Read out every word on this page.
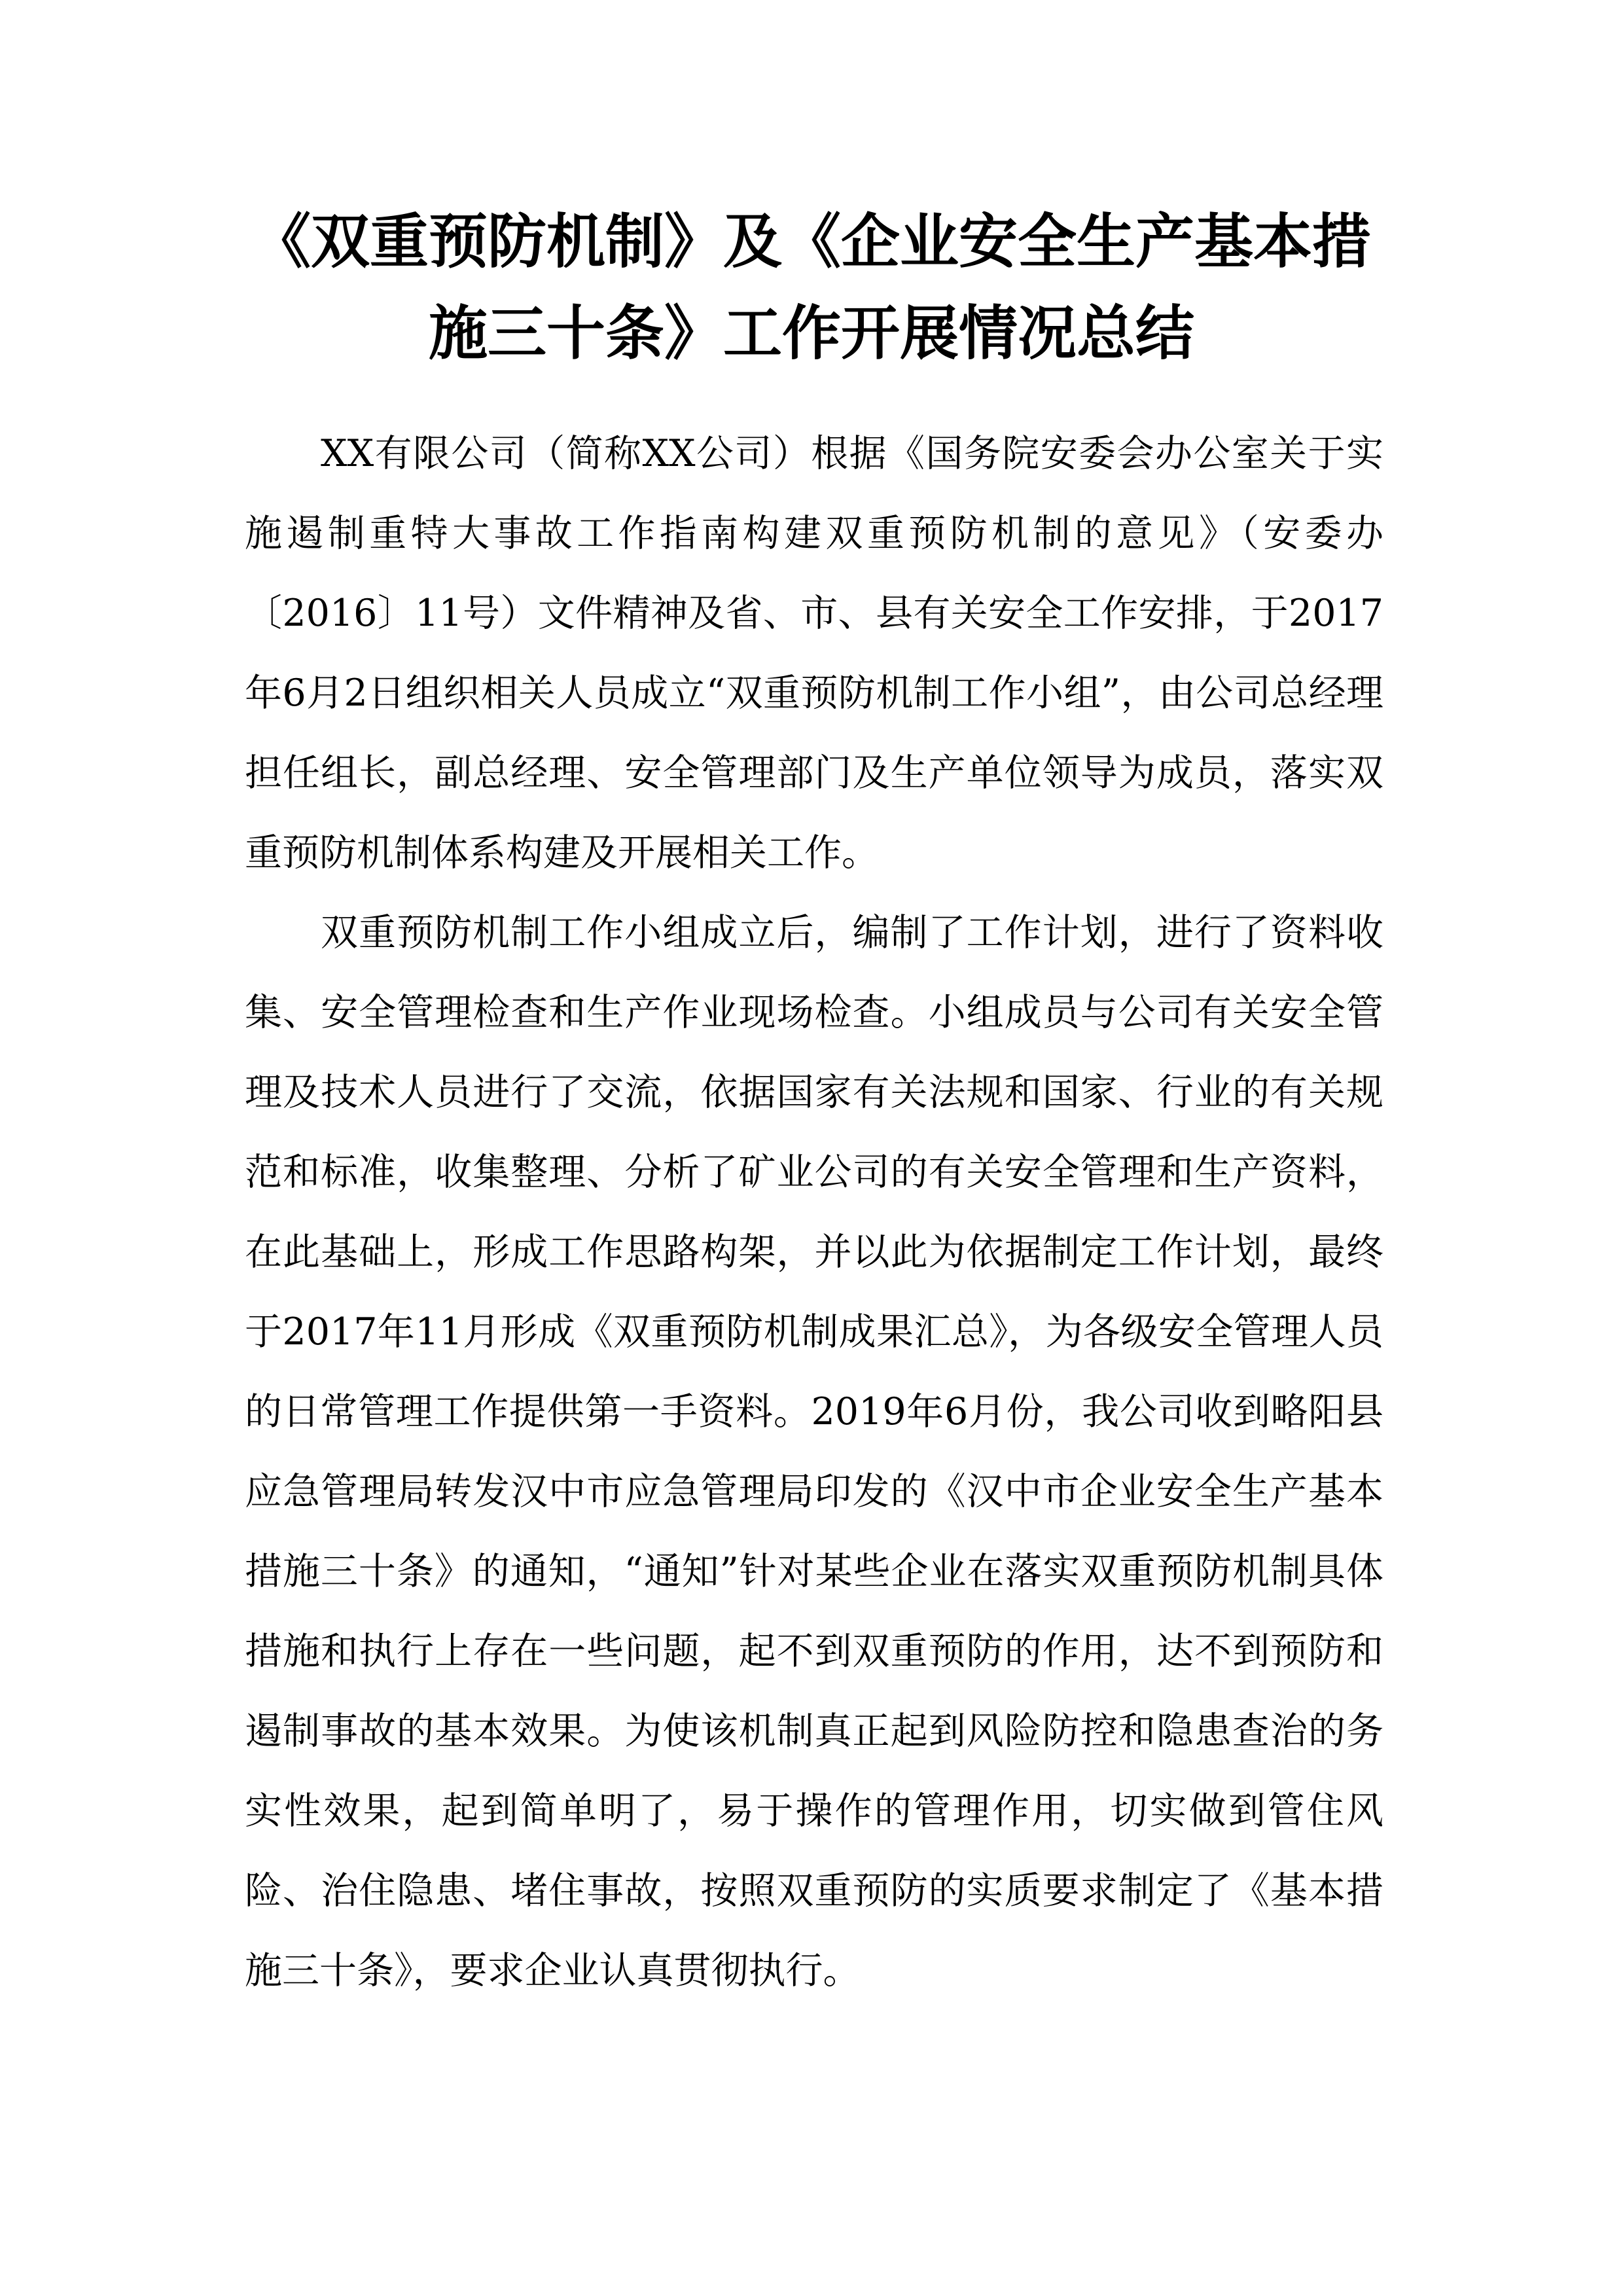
《双重预防机制》及《企业安全生产基本措
施三十条》工作开展情况总结

XX有限公司（简称XX公司）根据《国务院安委会办公室关于实施遏制重特大事故工作指南构建双重预防机制的意见》（安委办〔2016〕11号）文件精神及省、市、县有关安全工作安排，于2017年6月2日组织相关人员成立“双重预防机制工作小组”，由公司总经理担任组长，副总经理、安全管理部门及生产单位领导为成员，落实双重预防机制体系构建及开展相关工作。

双重预防机制工作小组成立后，编制了工作计划，进行了资料收集、安全管理检查和生产作业现场检查。小组成员与公司有关安全管理及技术人员进行了交流，依据国家有关法规和国家、行业的有关规范和标准，收集整理、分析了矿业公司的有关安全管理和生产资料，在此基础上，形成工作思路构架，并以此为依据制定工作计划，最终于2017年11月形成《双重预防机制成果汇总》，为各级安全管理人员的日常管理工作提供第一手资料。2019年6月份，我公司收到略阳县应急管理局转发汉中市应急管理局印发的《汉中市企业安全生产基本措施三十条》的通知，“通知”针对某些企业在落实双重预防机制具体措施和执行上存在一些问题，起不到双重预防的作用，达不到预防和遏制事故的基本效果。为使该机制真正起到风险防控和隐患查治的务实性效果，起到简单明了，易于操作的管理作用，切实做到管住风险、治住隐患、堵住事故，按照双重预防的实质要求制定了《基本措施三十条》，要求企业认真贯彻执行。
